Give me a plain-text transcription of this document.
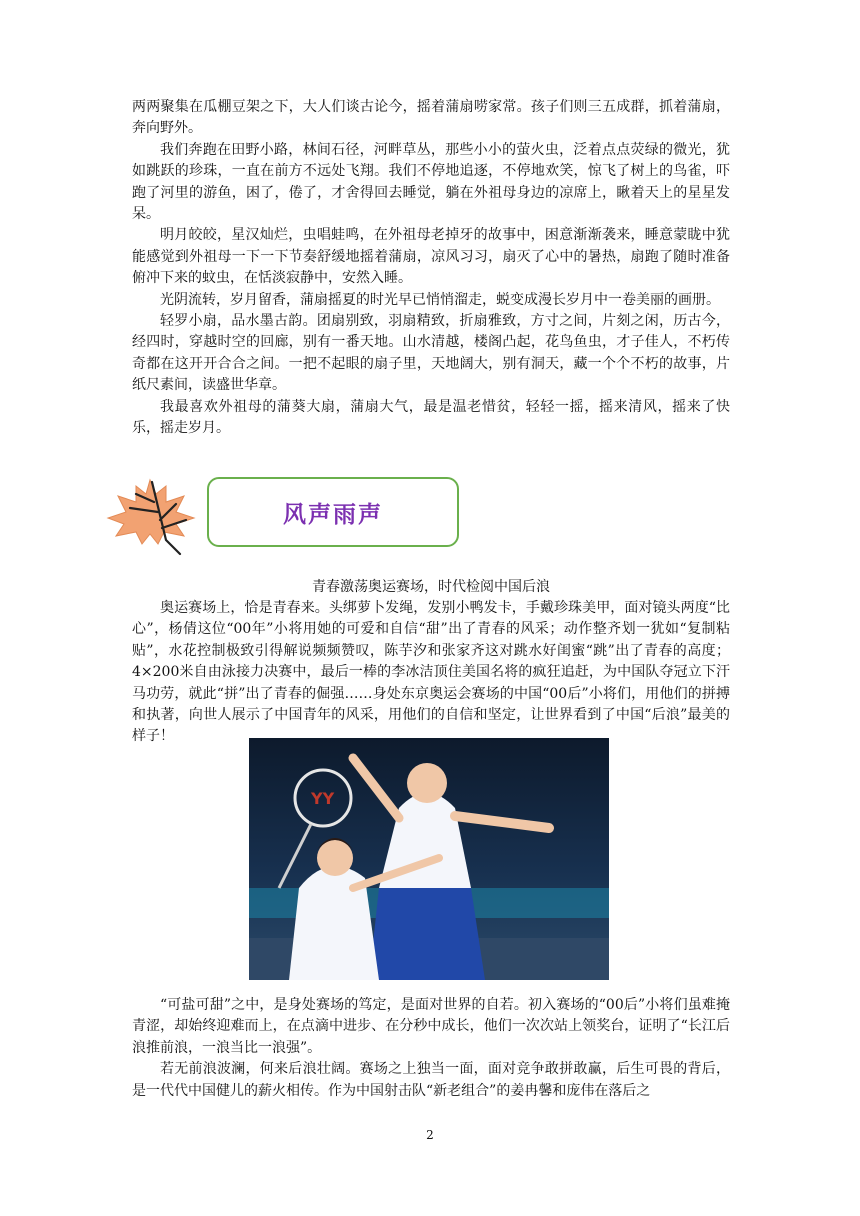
两两聚集在瓜棚豆架之下，大人们谈古论今，摇着蒲扇唠家常。孩子们则三五成群，抓着蒲扇，奔向野外。

我们奔跑在田野小路，林间石径，河畔草丛，那些小小的萤火虫，泛着点点荧绿的微光，犹如跳跃的珍珠，一直在前方不远处飞翔。我们不停地追逐，不停地欢笑，惊飞了树上的鸟雀，吓跑了河里的游鱼，困了，倦了，才舍得回去睡觉，躺在外祖母身边的凉席上，瞅着天上的星星发呆。

明月皎皎，星汉灿烂，虫唱蛙鸣，在外祖母老掉牙的故事中，困意渐渐袭来，睡意蒙眬中犹能感觉到外祖母一下一下节奏舒缓地摇着蒲扇，凉风习习，扇灭了心中的暑热，扇跑了随时准备俯冲下来的蚊虫，在恬淡寂静中，安然入睡。

光阴流转，岁月留香，蒲扇摇夏的时光早已悄悄溜走，蜕变成漫长岁月中一卷美丽的画册。

轻罗小扇，品水墨古韵。团扇别致，羽扇精致，折扇雅致，方寸之间，片刻之闲，历古今，经四时，穿越时空的回廊，别有一番天地。山水清越，楼阁凸起，花鸟鱼虫，才子佳人，不朽传奇都在这开开合合之间。一把不起眼的扇子里，天地阔大，别有洞天，藏一个个不朽的故事，片纸尺素间，读盛世华章。

我最喜欢外祖母的蒲葵大扇，蒲扇大气，最是温老惜贫，轻轻一摇，摇来清风，摇来了快乐，摇走岁月。

风声雨声
青春激荡奥运赛场，时代检阅中国后浪

奥运赛场上，恰是青春来。头绑萝卜发绳，发别小鸭发卡，手戴珍珠美甲，面对镜头两度“比心”，杨倩这位“00年”小将用她的可爱和自信“甜”出了青春的风采；动作整齐划一犹如“复制粘贴”，水花控制极致引得解说频频赞叹，陈芋汐和张家齐这对跳水好闺蜜“跳”出了青春的高度；4×200米自由泳接力决赛中，最后一棒的李冰洁顶住美国名将的疯狂追赶，为中国队夺冠立下汗马功劳，就此“拼”出了青春的倔强……身处东京奥运会赛场的中国“00后”小将们，用他们的拼搏和执著，向世人展示了中国青年的风采，用他们的自信和坚定，让世界看到了中国“后浪”最美的样子！

YY

“可盐可甜”之中，是身处赛场的笃定，是面对世界的自若。初入赛场的“00后”小将们虽难掩青涩，却始终迎难而上，在点滴中进步、在分秒中成长，他们一次次站上领奖台，证明了“长江后浪推前浪，一浪当比一浪强”。

若无前浪波澜，何来后浪壮阔。赛场之上独当一面，面对竞争敢拼敢赢，后生可畏的背后，是一代代中国健儿的薪火相传。作为中国射击队“新老组合”的姜冉馨和庞伟在落后之

2
